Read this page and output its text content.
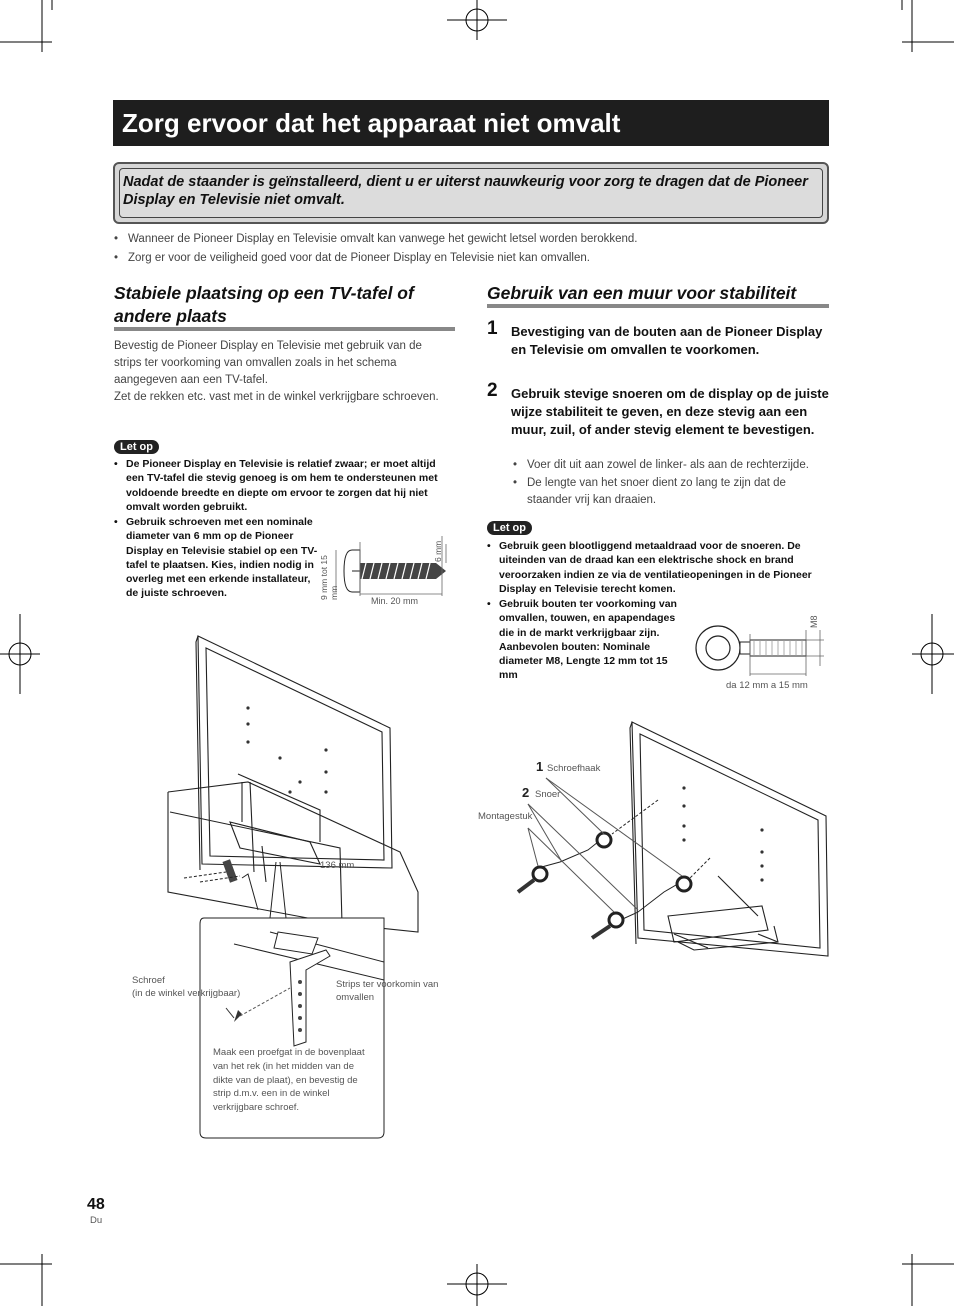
Zorg ervoor dat het apparaat niet omvalt

Nadat de staander is geïnstalleerd, dient u er uiterst nauwkeurig voor zorg te dragen dat de Pioneer Display en Televisie niet omvalt.

• Wanneer de Pioneer Display en Televisie omvalt kan vanwege het gewicht letsel worden berokkend.
• Zorg er voor de veiligheid goed voor dat de Pioneer Display en Televisie niet kan omvallen.

Stabiele plaatsing op een TV-tafel of andere plaats

Bevestig de Pioneer Display en Televisie met gebruik van de strips ter voorkoming van omvallen zoals in het schema aangegeven aan een TV-tafel.
Zet de rekken etc. vast met in de winkel verkrijgbare schroeven.
Let op
• De Pioneer Display en Televisie is relatief zwaar; er moet altijd een TV-tafel die stevig genoeg is om hem te ondersteunen met voldoende breedte en diepte om ervoor te zorgen dat hij niet omvalt worden gebruikt.
• Gebruik schroeven met een nominale diameter van 6 mm op de Pioneer Display en Televisie stabiel op een TV-tafel te plaatsen. Kies, indien nodig in overleg met een erkende installateur, de juiste schroeven.	9 mm tot 15 mm
6 mm
Min. 20 mm
136 mm
Schroef
(in de winkel verkrijgbaar)
Strips ter voorkomin van omvallen
Maak een proefgat in de bovenplaat van het rek (in het midden van de dikte van de plaat), en bevestig de strip d.m.v. een in de winkel verkrijgbare schroef.

Gebruik van een muur voor stabiliteit

1 Bevestiging van de bouten aan de Pioneer Display en Televisie om omvallen te voorkomen.
2 Gebruik stevige snoeren om de display op de juiste wijze stabiliteit te geven, en deze stevig aan een muur, zuil, of ander stevig element te bevestigen.
• Voer dit uit aan zowel de linker- als aan de rechterzijde.
• De lengte van het snoer dient zo lang te zijn dat de staander vrij kan draaien.
Let op
• Gebruik geen blootliggend metaaldraad voor de snoeren. De uiteinden van de draad kan een elektrische shock en brand veroorzaken indien ze via de ventilatieopeningen in de Pioneer Display en Televisie terecht komen.
• Gebruik bouten ter voorkoming van omvallen, touwen, en apapendages die in de markt verkrijgbaar zijn.
Aanbevolen bouten: Nominale diameter M8, Lengte 12 mm tot 15 mm
M8
da 12 mm a 15 mm
1 Schroefhaak
2 Snoer
Montagestuk
48
Du
